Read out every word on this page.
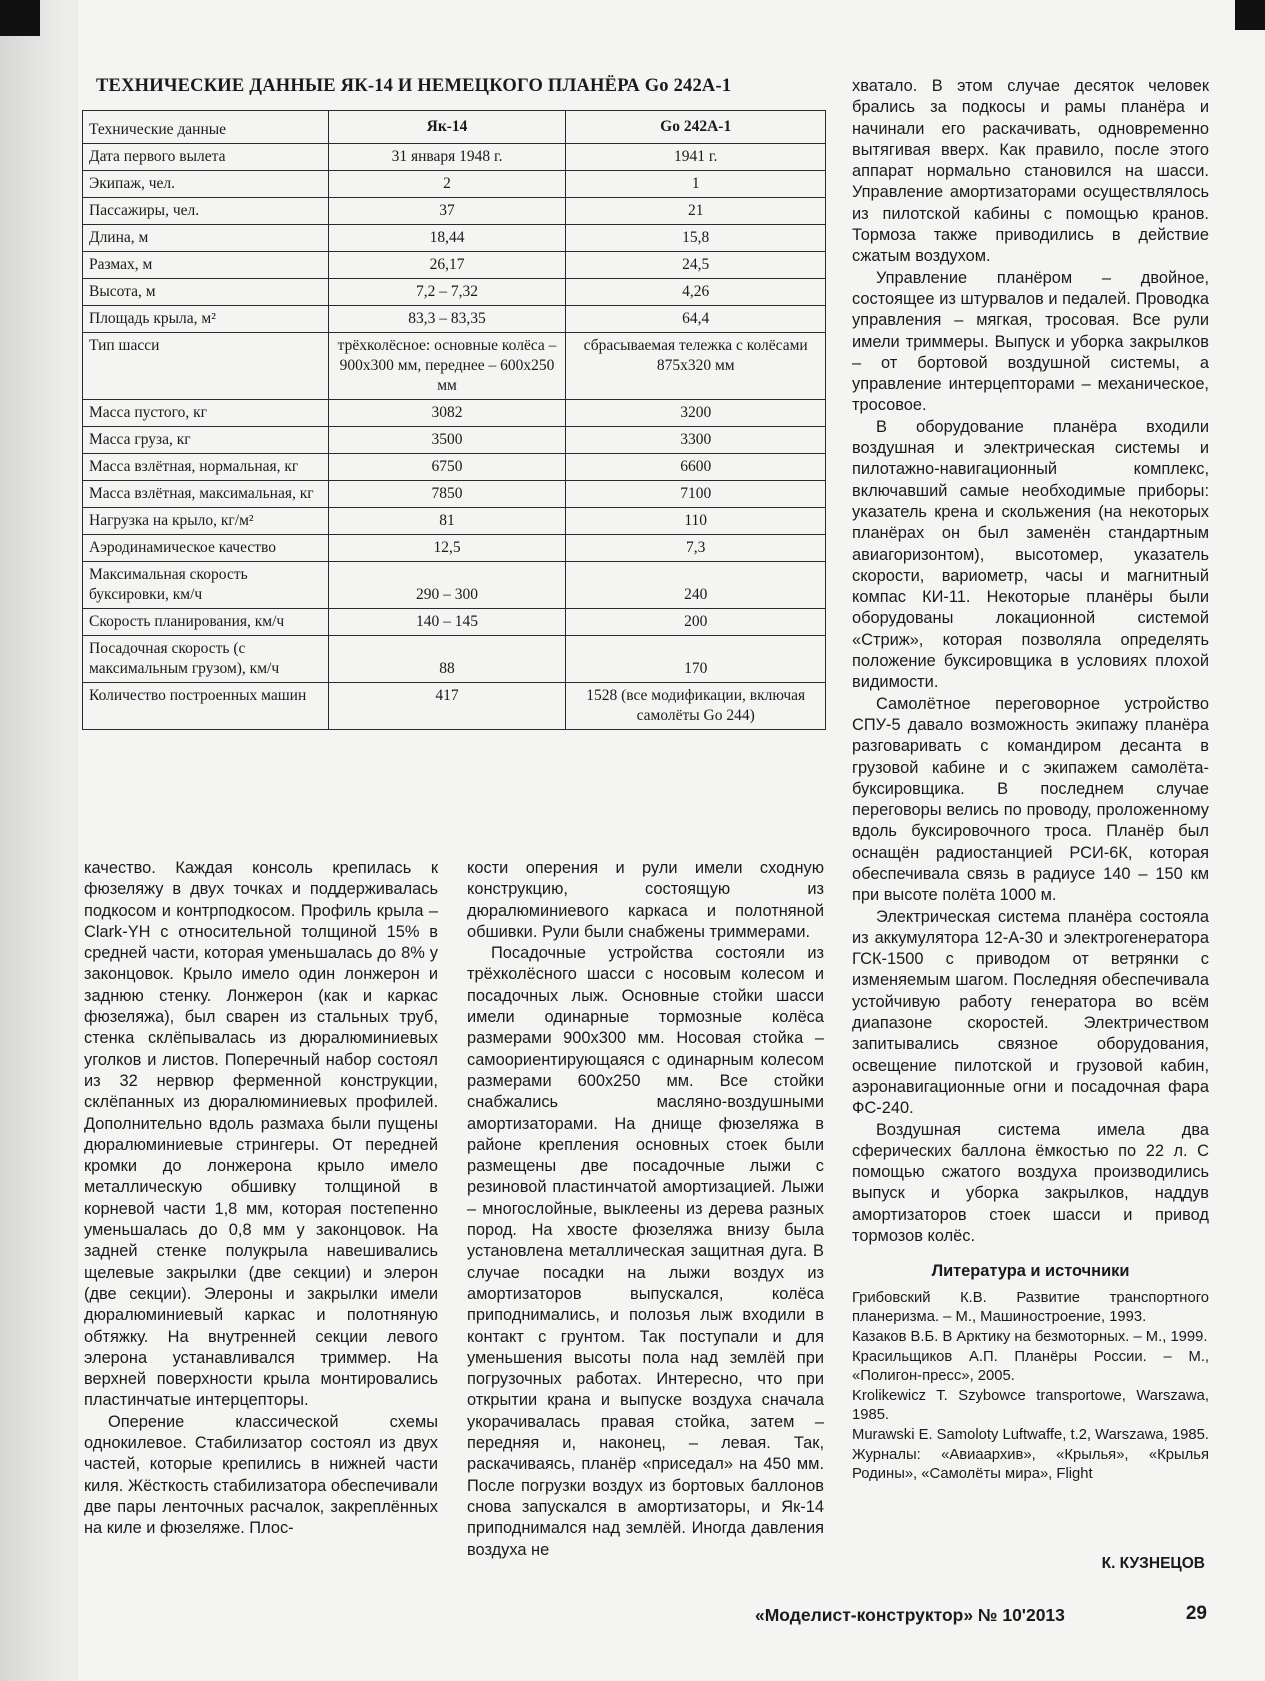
ТЕХНИЧЕСКИЕ ДАННЫЕ ЯК-14 И НЕМЕЦКОГО ПЛАНЁРА Go 242A-1
Технические данные	Як-14	Go 242A-1
Дата первого вылета	31 января 1948 г.	1941 г.
Экипаж, чел.	2	1
Пассажиры, чел.	37	21
Длина, м	18,44	15,8
Размах, м	26,17	24,5
Высота, м	7,2 – 7,32	4,26
Площадь крыла, м²	83,3 – 83,35	64,4
Тип шасси	трёхколёсное: основные колёса – 900х300 мм, переднее – 600х250 мм	сбрасываемая тележка с колёсами 875х320 мм
Масса пустого, кг	3082	3200
Масса груза, кг	3500	3300
Масса взлётная, нормальная, кг	6750	6600
Масса взлётная, максимальная, кг	7850	7100
Нагрузка на крыло, кг/м²	81	110
Аэродинамическое качество	12,5	7,3
Максимальная скорость буксировки, км/ч	290 – 300	240
Скорость планирования, км/ч	140 – 145	200
Посадочная скорость (с максимальным грузом), км/ч	88	170
Количество построенных машин	417	1528 (все модификации, включая самолёты Go 244)

качество. Каждая консоль крепилась к фюзеляжу в двух точках и поддерживалась подкосом и контрподкосом. Профиль крыла – Clark-YH с относительной толщиной 15% в средней части, которая уменьшалась до 8% у законцовок. Крыло имело один лонжерон и заднюю стенку. Лонжерон (как и каркас фюзеляжа), был сварен из стальных труб, стенка склёпывалась из дюралюминиевых уголков и листов. Поперечный набор состоял из 32 нервюр ферменной конструкции, склёпанных из дюралюминиевых профилей. Дополнительно вдоль размаха были пущены дюралюминиевые стрингеры. От передней кромки до лонжерона крыло имело металлическую обшивку толщиной в корневой части 1,8 мм, которая постепенно уменьшалась до 0,8 мм у законцовок. На задней стенке полукрыла навешивались щелевые закрылки (две секции) и элерон (две секции). Элероны и закрылки имели дюралюминиевый каркас и полотняную обтяжку. На внутренней секции левого элерона устанавливался триммер. На верхней поверхности крыла монтировались пластинчатые интерцепторы.

Оперение классической схемы однокилевое. Стабилизатор состоял из двух частей, которые крепились в нижней части киля. Жёсткость стабилизатора обеспечивали две пары ленточных расчалок, закреплённых на киле и фюзеляже. Плос-

кости оперения и рули имели сходную конструкцию, состоящую из дюралюминиевого каркаса и полотняной обшивки. Рули были снабжены триммерами.

Посадочные устройства состояли из трёхколёсного шасси с носовым колесом и посадочных лыж. Основные стойки шасси имели одинарные тормозные колёса размерами 900х300 мм. Носовая стойка – самоориентирующаяся с одинарным колесом размерами 600х250 мм. Все стойки снабжались масляно-воздушными амортизаторами. На днище фюзеляжа в районе крепления основных стоек были размещены две посадочные лыжи с резиновой пластинчатой амортизацией. Лыжи – многослойные, выклеены из дерева разных пород. На хвосте фюзеляжа внизу была установлена металлическая защитная дуга. В случае посадки на лыжи воздух из амортизаторов выпускался, колёса приподнимались, и полозья лыж входили в контакт с грунтом. Так поступали и для уменьшения высоты пола над землёй при погрузочных работах. Интересно, что при открытии крана и выпуске воздуха сначала укорачивалась правая стойка, затем – передняя и, наконец, – левая. Так, раскачиваясь, планёр «приседал» на 450 мм. После погрузки воздух из бортовых баллонов снова запускался в амортизаторы, и Як-14 приподнимался над землёй. Иногда давления воздуха не

хватало. В этом случае десяток человек брались за подкосы и рамы планёра и начинали его раскачивать, одновременно вытягивая вверх. Как правило, после этого аппарат нормально становился на шасси. Управление амортизаторами осуществлялось из пилотской кабины с помощью кранов. Тормоза также приводились в действие сжатым воздухом.

Управление планёром – двойное, состоящее из штурвалов и педалей. Проводка управления – мягкая, тросовая. Все рули имели триммеры. Выпуск и уборка закрылков – от бортовой воздушной системы, а управление интерцепторами – механическое, тросовое.

В оборудование планёра входили воздушная и электрическая системы и пилотажно-навигационный комплекс, включавший самые необходимые приборы: указатель крена и скольжения (на некоторых планёрах он был заменён стандартным авиагоризонтом), высотомер, указатель скорости, вариометр, часы и магнитный компас КИ-11. Некоторые планёры были оборудованы локационной системой «Стриж», которая позволяла определять положение буксировщика в условиях плохой видимости.

Самолётное переговорное устройство СПУ-5 давало возможность экипажу планёра разговаривать с командиром десанта в грузовой кабине и с экипажем самолёта-буксировщика. В последнем случае переговоры велись по проводу, проложенному вдоль буксировочного троса. Планёр был оснащён радиостанцией РСИ-6К, которая обеспечивала связь в радиусе 140 – 150 км при высоте полёта 1000 м.

Электрическая система планёра состояла из аккумулятора 12-А-30 и электрогенератора ГСК-1500 с приводом от ветрянки с изменяемым шагом. Последняя обеспечивала устойчивую работу генератора во всём диапазоне скоростей. Электричеством запитывались связное оборудования, освещение пилотской и грузовой кабин, аэронавигационные огни и посадочная фара ФС-240.

Воздушная система имела два сферических баллона ёмкостью по 22 л. С помощью сжатого воздуха производились выпуск и уборка закрылков, наддув амортизаторов стоек шасси и привод тормозов колёс.

Литература и источники
Грибовский К.В. Развитие транспортного планеризма. – М., Машиностроение, 1993.
Казаков В.Б. В Арктику на безмоторных. – М., 1999.
Красильщиков А.П. Планёры России. – М., «Полигон-пресс», 2005.
Krolikewicz T. Szybowce transportowe, Warszawa, 1985.
Murawski E. Samoloty Luftwaffe, t.2, Warszawa, 1985.
Журналы: «Авиаархив», «Крылья», «Крылья Родины», «Самолёты мира», Flight
К. КУЗНЕЦОВ
«Моделист-конструктор» № 10'2013	29
